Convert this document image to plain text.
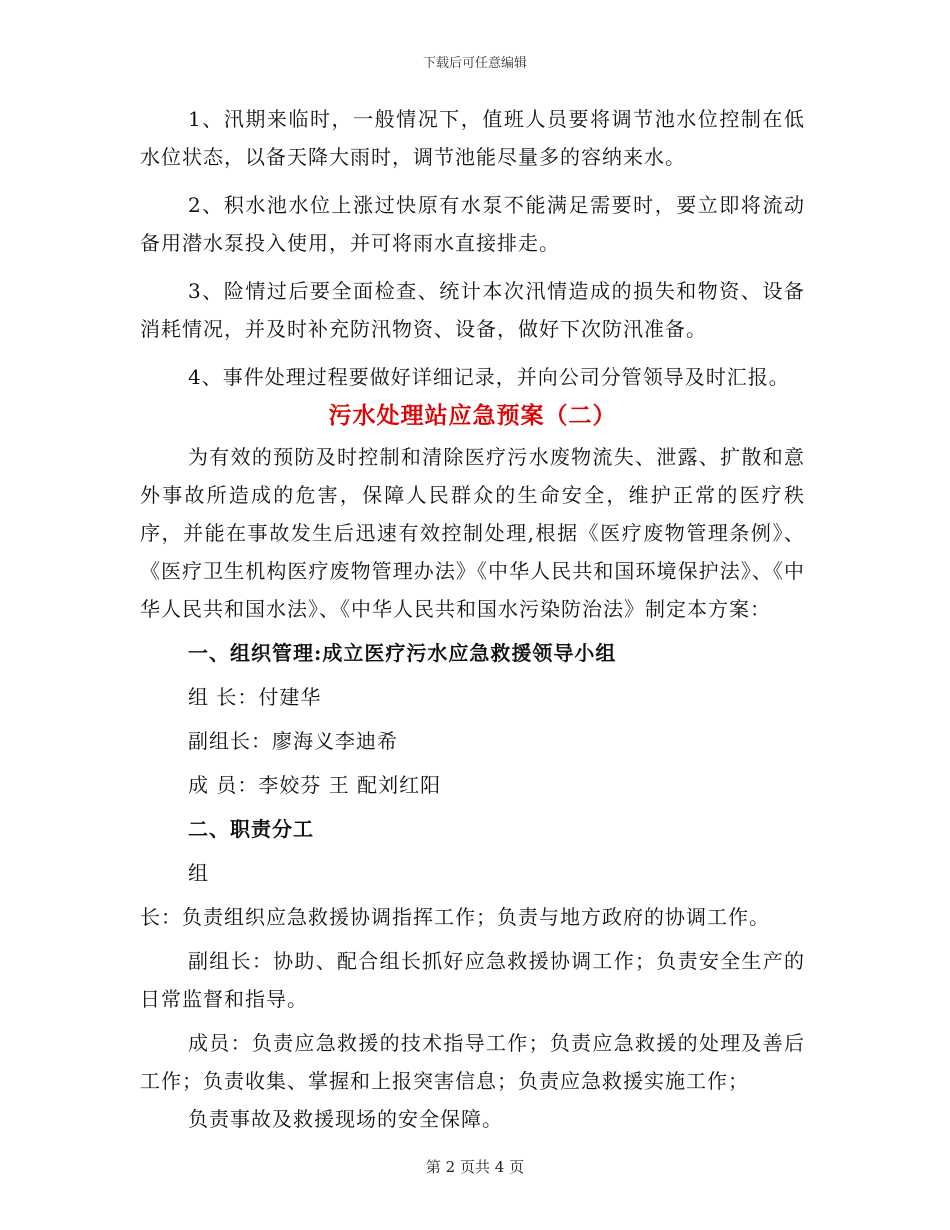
下载后可任意编辑

1、汛期来临时，一般情况下，值班人员要将调节池水位控制在低水位状态，以备天降大雨时，调节池能尽量多的容纳来水。

2、积水池水位上涨过快原有水泵不能满足需要时，要立即将流动备用潜水泵投入使用，并可将雨水直接排走。

3、险情过后要全面检查、统计本次汛情造成的损失和物资、设备消耗情况，并及时补充防汛物资、设备，做好下次防汛准备。

4、事件处理过程要做好详细记录，并向公司分管领导及时汇报。

污水处理站应急预案（二）

为有效的预防及时控制和清除医疗污水废物流失、泄露、扩散和意外事故所造成的危害，保障人民群众的生命安全，维护正常的医疗秩序，并能在事故发生后迅速有效控制处理,根据《医疗废物管理条例》、《医疗卫生机构医疗废物管理办法》《中华人民共和国环境保护法》、《中华人民共和国水法》、《中华人民共和国水污染防治法》制定本方案：

一、组织管理:成立医疗污水应急救援领导小组

组 长：付建华

副组长：廖海义李迪希

成 员：李姣芬 王 配刘红阳

二、职责分工

组

长：负责组织应急救援协调指挥工作；负责与地方政府的协调工作。

副组长：协助、配合组长抓好应急救援协调工作；负责安全生产的日常监督和指导。

成员：负责应急救援的技术指导工作；负责应急救援的处理及善后工作；负责收集、掌握和上报突害信息；负责应急救援实施工作；

负责事故及救援现场的安全保障。

第 2 页共 4 页
